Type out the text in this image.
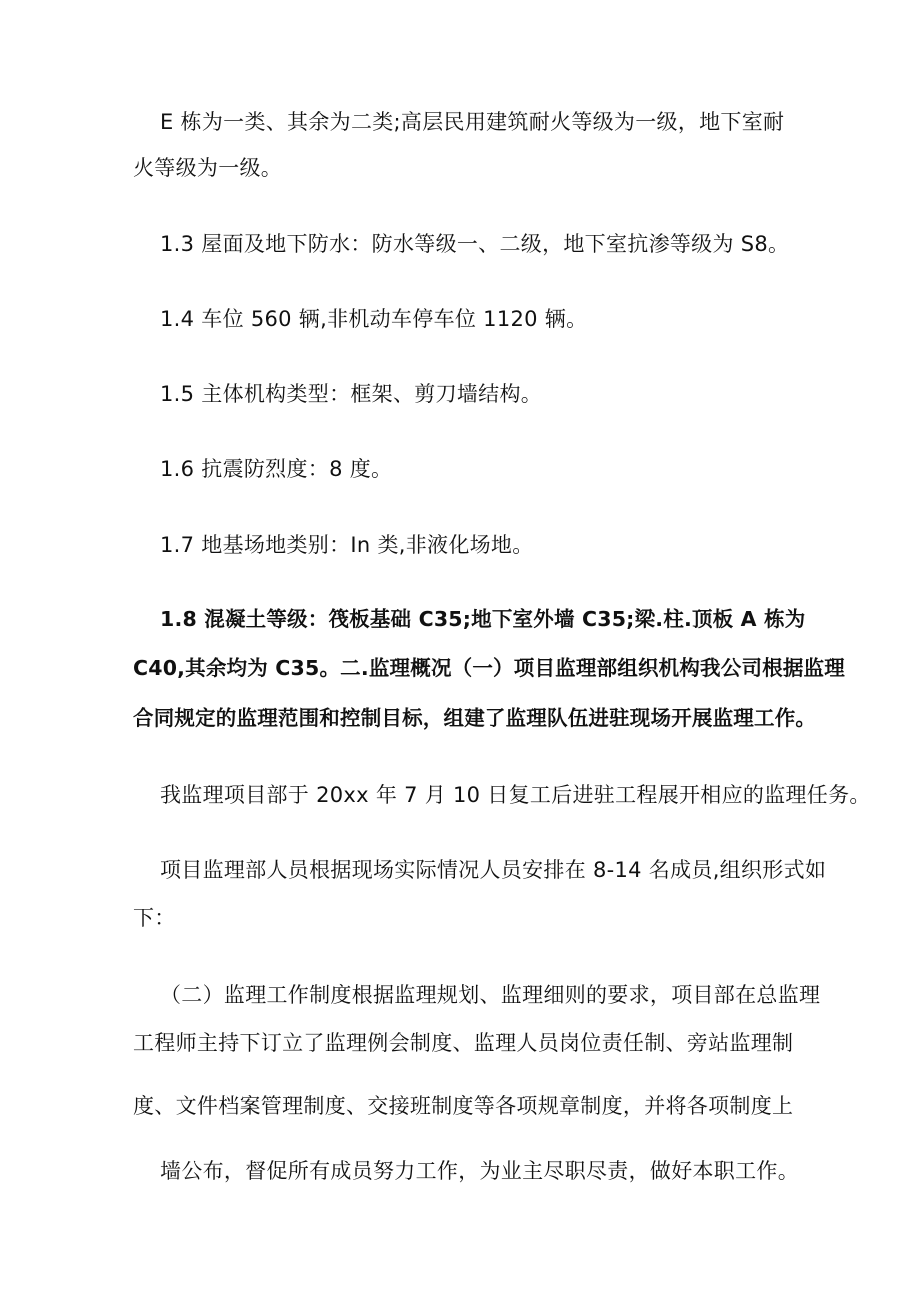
E 栋为一类、其余为二类;高层民用建筑耐火等级为一级，地下室耐

火等级为一级。

1.3 屋面及地下防水：防水等级一、二级，地下室抗渗等级为 S8。

1.4 车位 560 辆,非机动车停车位 1120 辆。

1.5 主体机构类型：框架、剪刀墙结构。

1.6 抗震防烈度：8 度。

1.7 地基场地类别：In 类,非液化场地。

1.8 混凝土等级：筏板基础 C35;地下室外墙 C35;梁.柱.顶板 A 栋为

C40,其余均为 C35。二.监理概况（一）项目监理部组织机构我公司根据监理

合同规定的监理范围和控制目标，组建了监理队伍进驻现场开展监理工作。

我监理项目部于 20xx 年 7 月 10 日复工后进驻工程展开相应的监理任务。

项目监理部人员根据现场实际情况人员安排在 8-14 名成员,组织形式如

下：

（二）监理工作制度根据监理规划、监理细则的要求，项目部在总监理

工程师主持下订立了监理例会制度、监理人员岗位责任制、旁站监理制

度、文件档案管理制度、交接班制度等各项规章制度，并将各项制度上

墙公布，督促所有成员努力工作，为业主尽职尽责，做好本职工作。
